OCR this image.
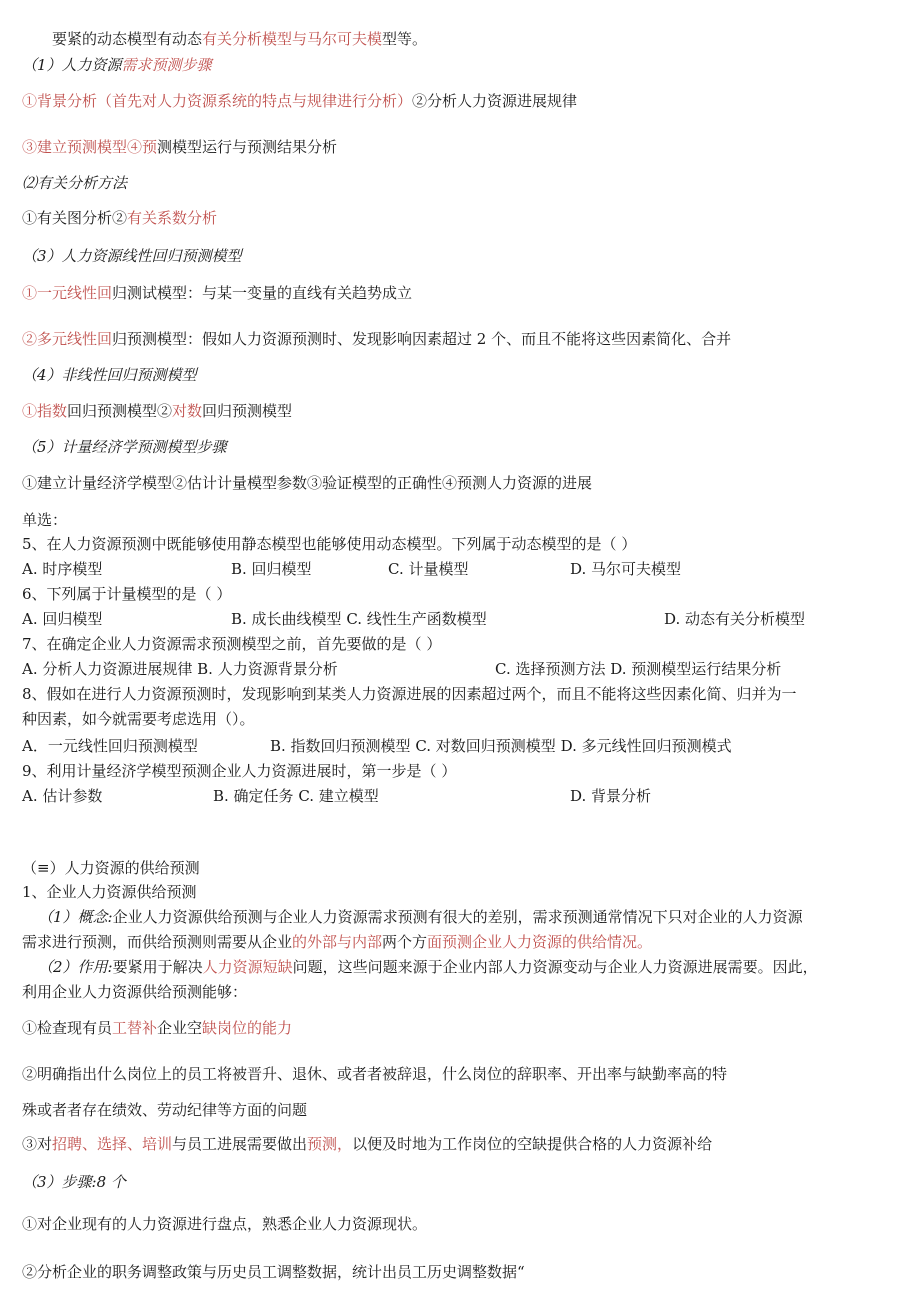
要紧的动态模型有动态有关分析模型与马尔可夫模型等。
（1）人力资源需求预测步骤
①背景分析（首先对人力资源系统的特点与规律进行分析）②分析人力资源进展规律
③建立预测模型④预测模型运行与预测结果分析
⑵有关分析方法
①有关图分析②有关系数分析
（3）人力资源线性回归预测模型
①一元线性回归测试模型：与某一变量的直线有关趋势成立
②多元线性回归预测模型：假如人力资源预测时、发现影响因素超过 2 个、而且不能将这些因素简化、合并
（4）非线性回归预测模型
①指数回归预测模型②对数回归预测模型
（5）计量经济学预测模型步骤
①建立计量经济学模型②估计计量模型参数③验证模型的正确性④预测人力资源的进展
单选：
5、在人力资源预测中既能够使用静态模型也能够使用动态模型。下列属于动态模型的是（ ）
A. 时序模型	B. 回归模型	C. 计量模型	D. 马尔可夫模型
6、下列属于计量模型的是（ ）
A. 回归模型	B. 成长曲线模型 C. 线性生产函数模型	D. 动态有关分析模型
7、在确定企业人力资源需求预测模型之前，首先要做的是（ ）
A. 分析人力资源进展规律 B. 人力资源背景分析	C. 选择预测方法 D. 预测模型运行结果分析
8、假如在进行人力资源预测时，发现影响到某类人力资源进展的因素超过两个，而且不能将这些因素化简、归并为一
种因素，如今就需要考虑选用（）。
A．一元线性回归预测模型	B. 指数回归预测模型 C. 对数回归预测模型 D. 多元线性回归预测模式
9、利用计量经济学模型预测企业人力资源进展时，第一步是（ ）
A. 估计参数	B. 确定任务 C. 建立模型	D. 背景分析
（≡）人力资源的供给预测
1、企业人力资源供给预测
（1）概念:企业人力资源供给预测与企业人力资源需求预测有很大的差别，需求预测通常情况下只对企业的人力资源
需求进行预测，而供给预测则需要从企业的外部与内部两个方面预测企业人力资源的供给情况。
（2）作用:要紧用于解决人力资源短缺问题，这些问题来源于企业内部人力资源变动与企业人力资源进展需要。因此，
利用企业人力资源供给预测能够：
①检查现有员工替补企业空缺岗位的能力
②明确指出什么岗位上的员工将被晋升、退休、或者者被辞退，什么岗位的辞职率、开出率与缺勤率高的特
殊或者者存在绩效、劳动纪律等方面的问题
③对招聘、选择、培训与员工进展需要做出预测，以便及时地为工作岗位的空缺提供合格的人力资源补给
（3）步骤:8 个
①对企业现有的人力资源进行盘点，熟悉企业人力资源现状。
②分析企业的职务调整政策与历史员工调整数据，统计出员工历史调整数据“
